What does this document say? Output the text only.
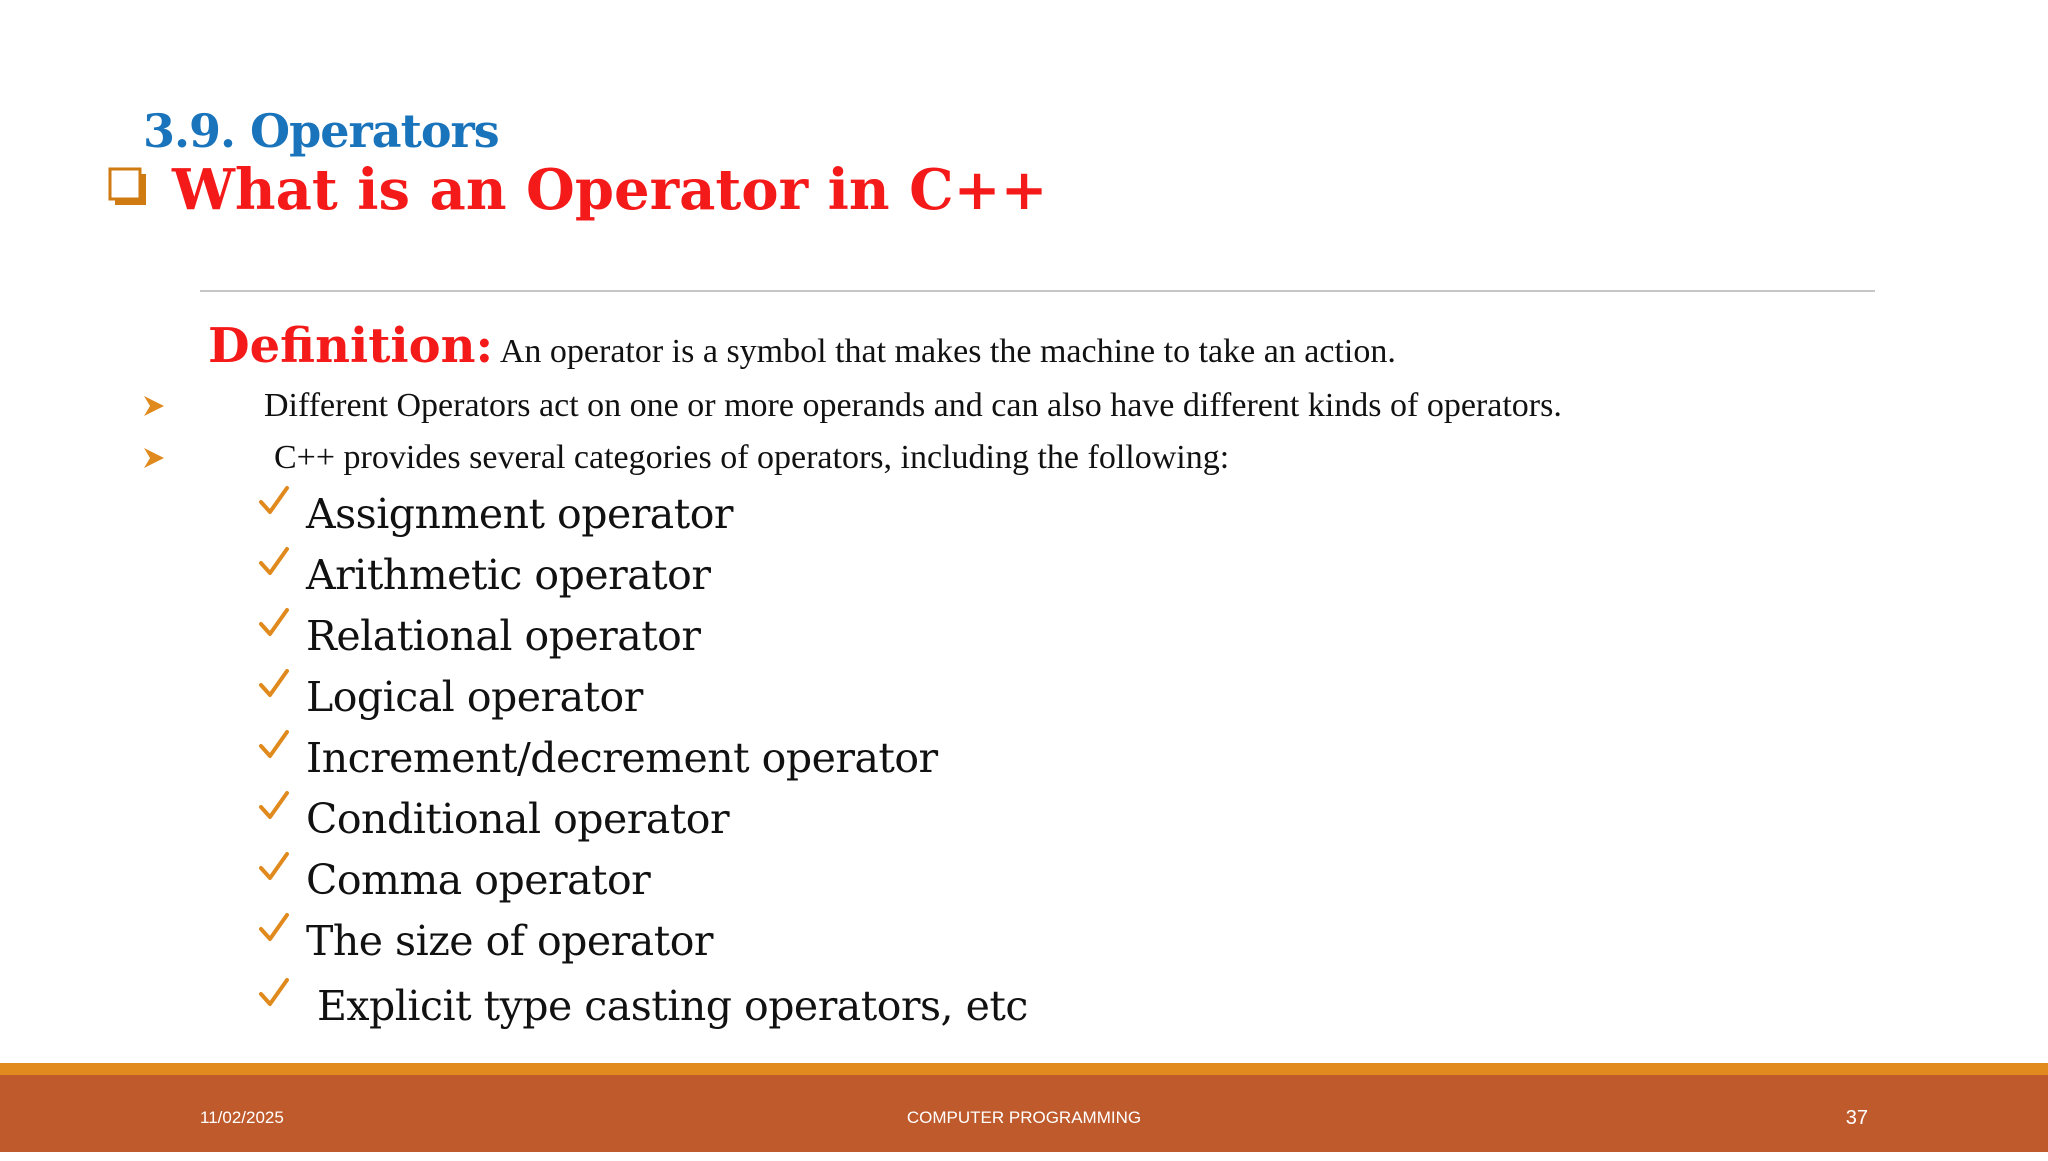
3.9. Operators
What is an Operator in C++
Definition: An operator is a symbol that makes the machine to take an action.
Different Operators act on one or more operands and can also have different kinds of operators.
C++ provides several categories of operators, including the following:
Assignment operator
Arithmetic operator
Relational operator
Logical operator
Increment/decrement operator
Conditional operator
Comma operator
The size of operator
Explicit type casting operators, etc
11/02/2025	COMPUTER PROGRAMMING	37
